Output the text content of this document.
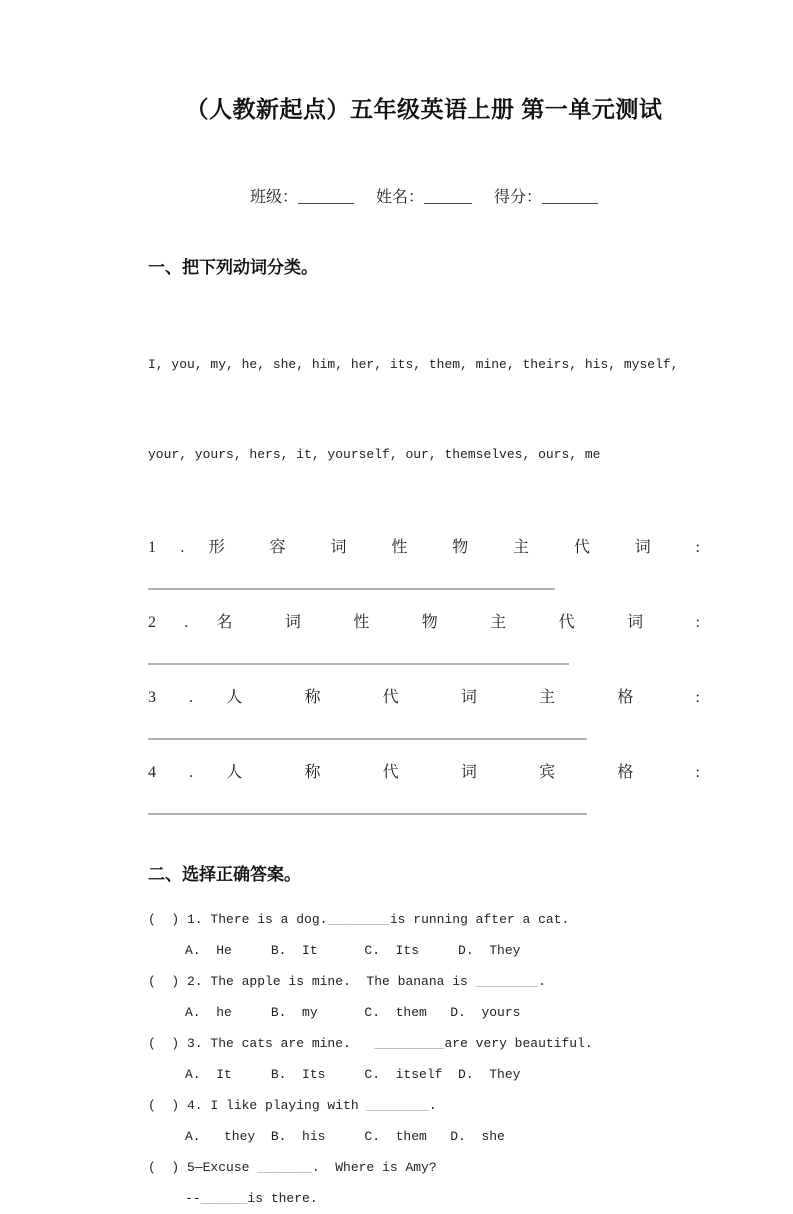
（人教新起点）五年级英语上册 第一单元测试
班级：_______ 姓名：______ 得分：_______
一、把下列动词分类。

I, you, my, he, she, him, her, its, them, mine, theirs, his, myself,

your, yours, hers, it, yourself, our, themselves, ours, me

1 . 形 容 词 性 物 主 代 词 :
2 . 名 词 性 物 主 代 词 :
3 . 人 称 代 词 主 格 :
4 . 人 称 代 词 宾 格 :
二、选择正确答案。
(  ) 1. There is a dog.________is running after a cat.
A.  He     B.  It      C.  Its     D.  They
(  ) 2. The apple is mine.  The banana is ________.
A.  he     B.  my      C.  them   D.  yours
(  ) 3. The cats are mine.   _________are very beautiful.
A.  It     B.  Its     C.  itself  D.  They
(  ) 4. I like playing with ________.
A.   they  B.  his     C.  them   D.  she
(  ) 5—Excuse _______.  Where is Amy?
--______is there.
